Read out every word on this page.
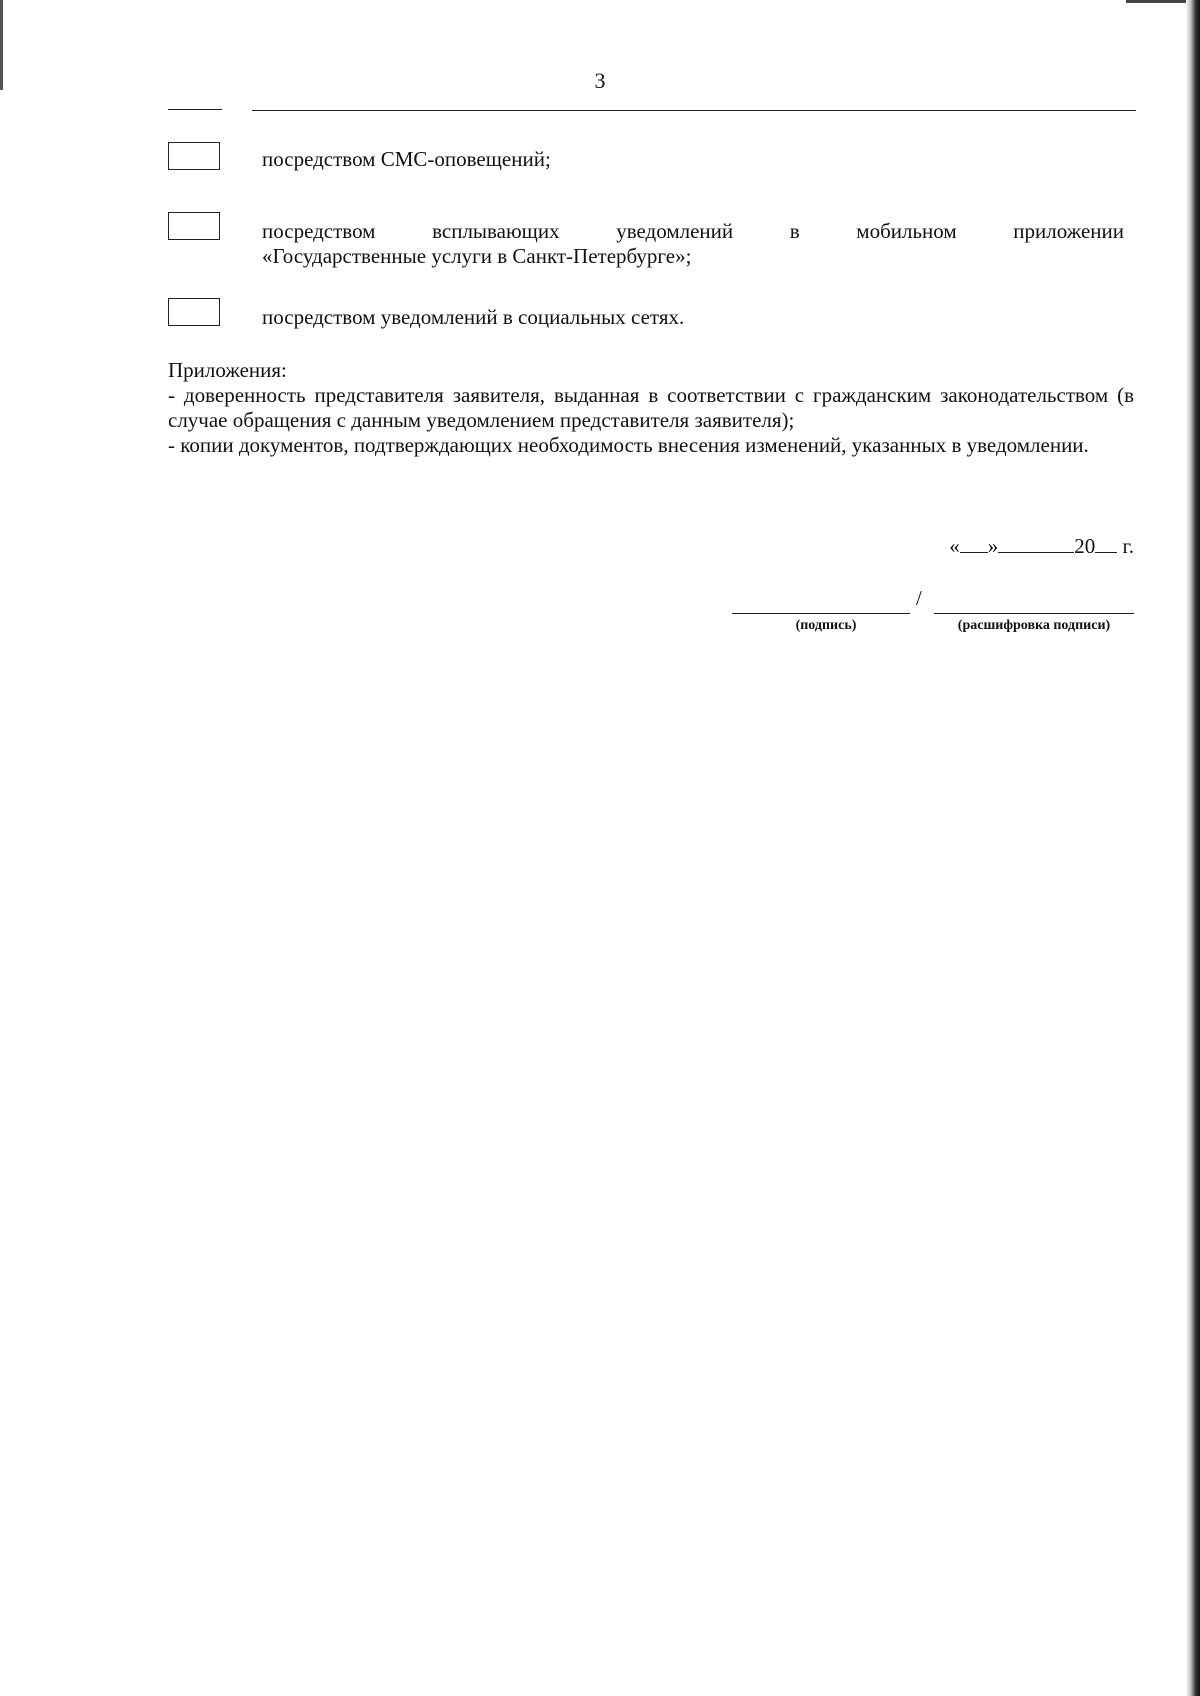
3
посредством СМС-оповещений;
посредством всплывающих уведомлений в мобильном приложении
«Государственные услуги в Санкт-Петербурге»;
посредством уведомлений в социальных сетях.
Приложения:
- доверенность представителя заявителя, выданная в соответствии с гражданским законодательством (в случае обращения с данным уведомлением представителя заявителя);
- копии документов, подтверждающих необходимость внесения изменений, указанных в уведомлении.
« »	20 г.
/
(подпись)	(расшифровка подписи)
